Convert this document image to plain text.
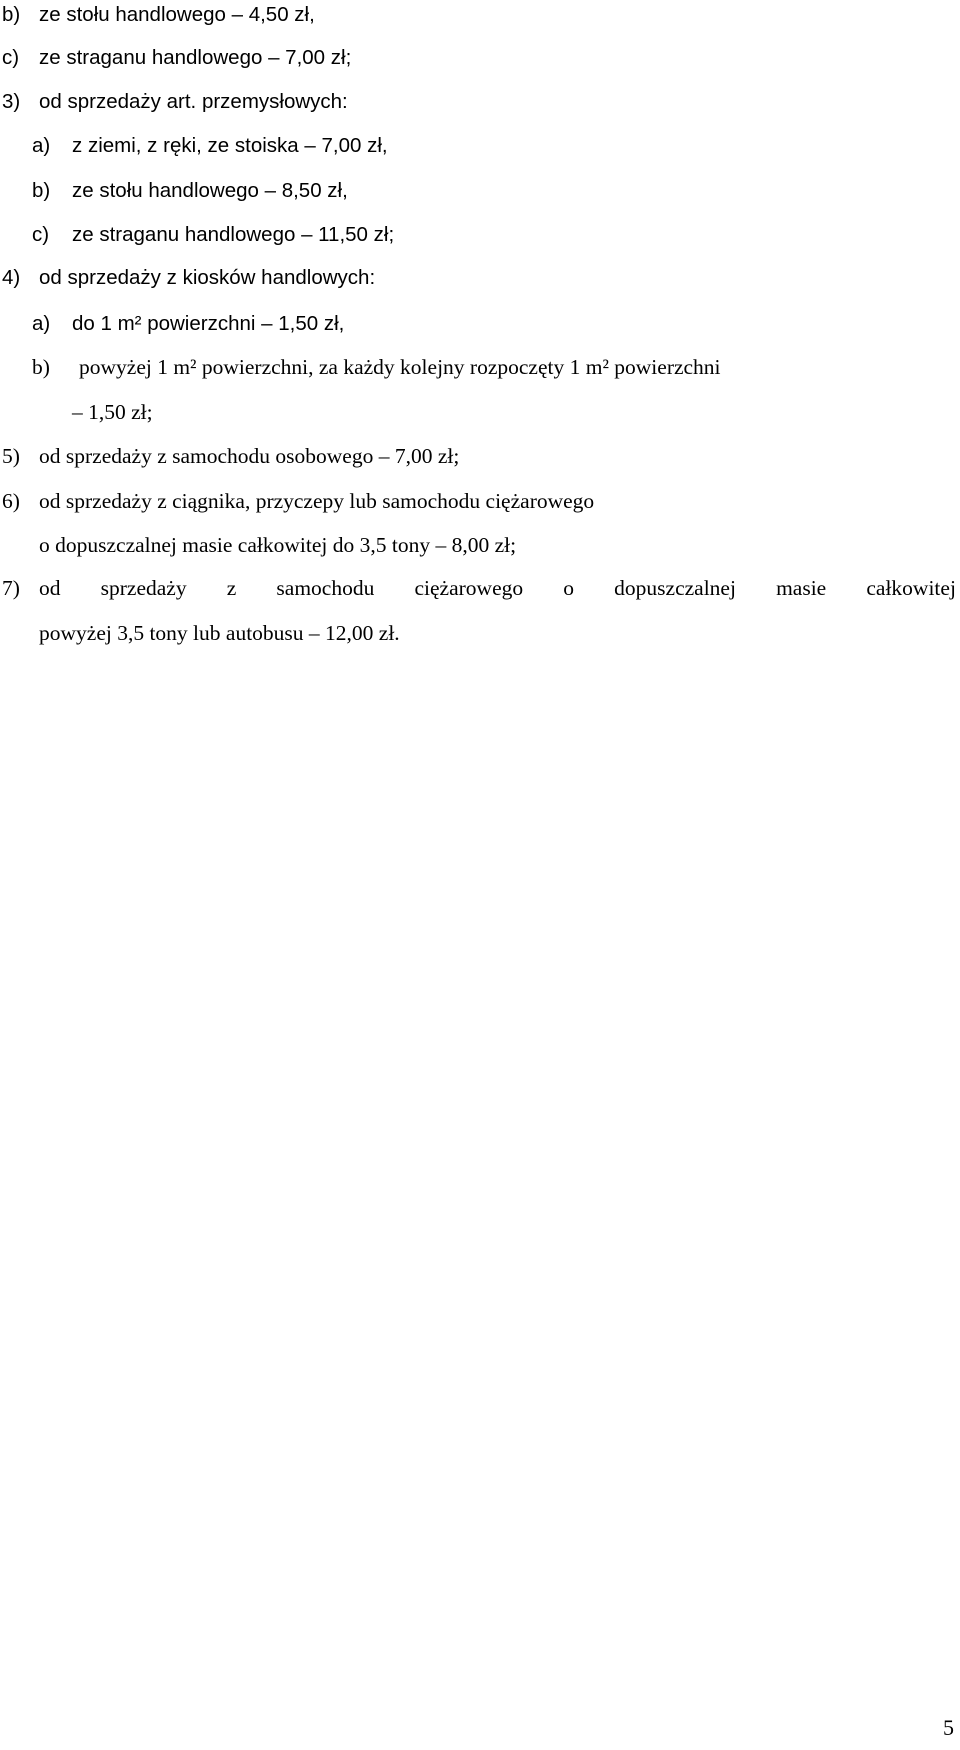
b) ze stołu handlowego – 4,50 zł,
c) ze straganu handlowego – 7,00 zł;
3) od sprzedaży art. przemysłowych:
a) z ziemi, z ręki, ze stoiska – 7,00 zł,
b) ze stołu handlowego – 8,50 zł,
c) ze straganu handlowego – 11,50 zł;
4) od sprzedaży z kiosków handlowych:
a) do 1 m² powierzchni – 1,50 zł,
b) powyżej 1 m² powierzchni, za każdy kolejny rozpoczęty 1 m² powierzchni
– 1,50 zł;
5) od sprzedaży z samochodu osobowego – 7,00 zł;
6) od sprzedaży z ciągnika, przyczepy lub samochodu ciężarowego
o dopuszczalnej masie całkowitej do 3,5 tony – 8,00 zł;
7) od sprzedaży z samochodu ciężarowego o dopuszczalnej masie całkowitej
powyżej 3,5 tony lub autobusu – 12,00 zł.
5
